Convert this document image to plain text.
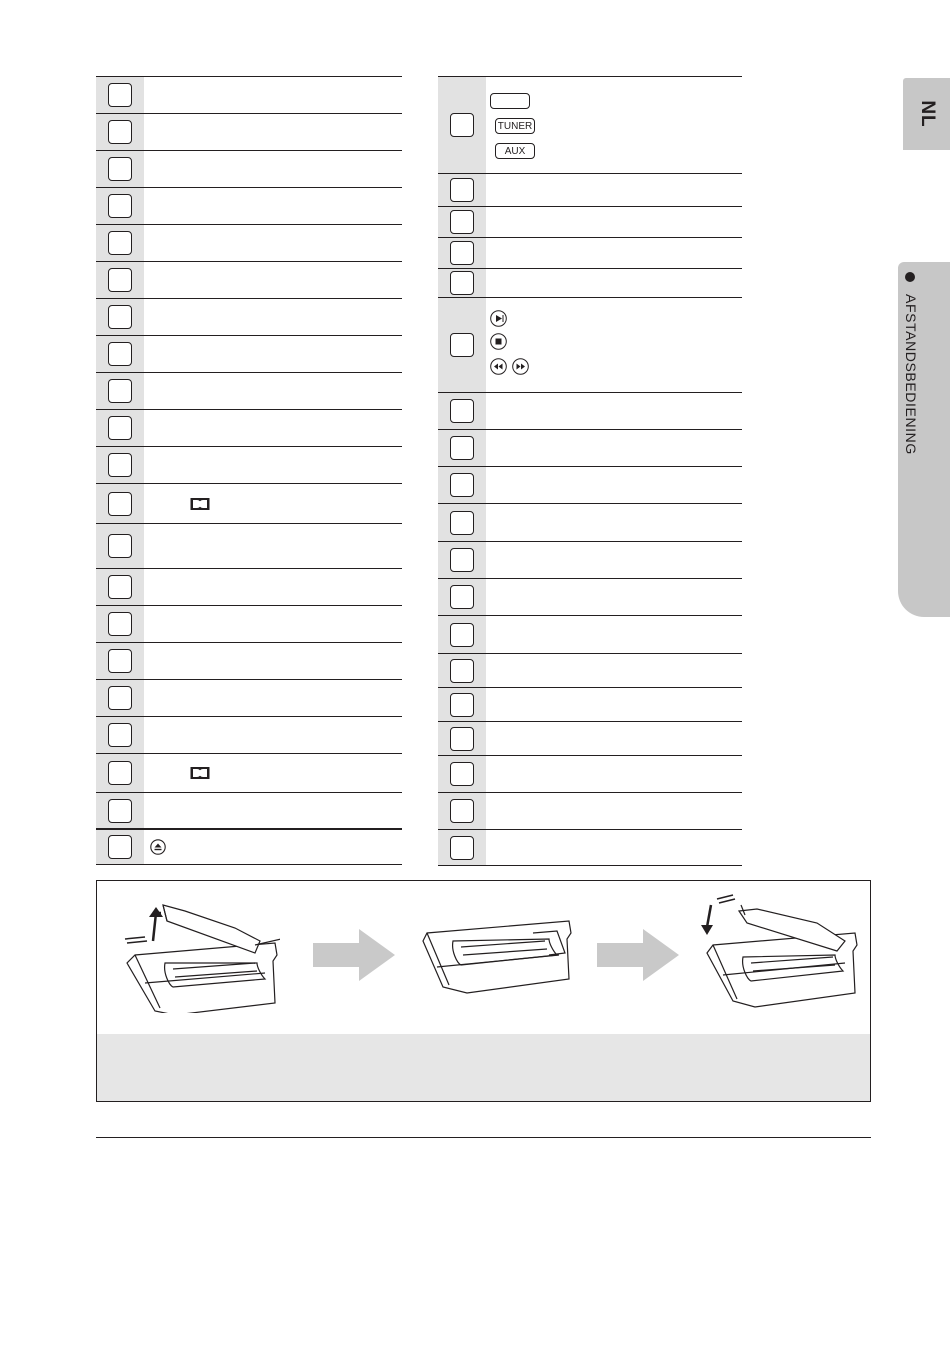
TUNER
AUX
NL
AFSTANDSBEDIENING
